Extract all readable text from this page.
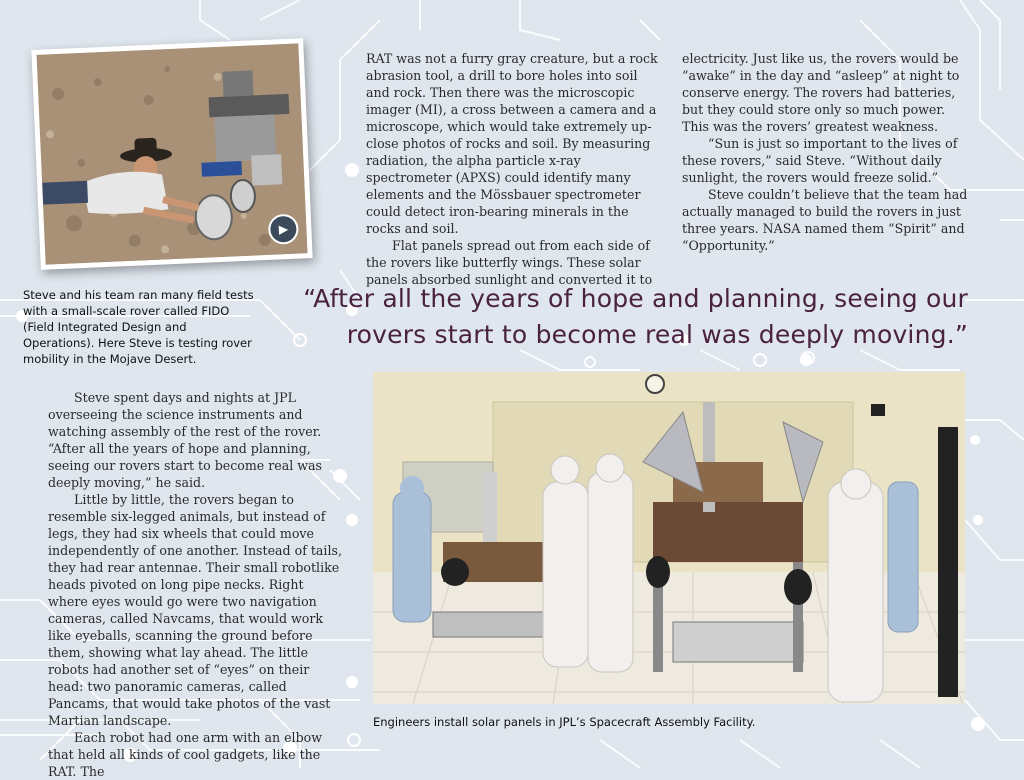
▶
Steve and his team ran many field tests with a small-scale rover called FIDO (Field Integrated Design and Operations). Here Steve is testing rover mobility in the Mojave Desert.

RAT was not a furry gray creature, but a rock abrasion tool, a drill to bore holes into soil and rock. Then there was the microscopic imager (MI), a cross between a camera and a microscope, which would take extremely up-close photos of rocks and soil. By measuring radiation, the alpha particle x-ray spectrometer (APXS) could identify many elements and the Mössbauer spectrometer could detect iron-bearing minerals in the rocks and soil.

Flat panels spread out from each side of the rovers like butterfly wings. These solar panels absorbed sunlight and converted it to

electricity. Just like us, the rovers would be “awake” in the day and “asleep” at night to conserve energy. The rovers had batteries, but they could store only so much power. This was the rovers’ greatest weakness.

“Sun is just so important to the lives of these rovers,” said Steve. “Without daily sunlight, the rovers would freeze solid.”

Steve couldn’t believe that the team had actually managed to build the rovers in just three years. NASA named them “Spirit” and “Opportunity.”

“After all the years of hope and planning, seeing our
rovers start to become real was deeply moving.”

Steve spent days and nights at JPL overseeing the science instruments and watching assembly of the rest of the rover. “After all the years of hope and planning, seeing our rovers start to become real was deeply moving,” he said.

Little by little, the rovers began to resemble six-legged animals, but instead of legs, they had six wheels that could move independently of one another. Instead of tails, they had rear antennae. Their small robotlike heads pivoted on long pipe necks. Right where eyes would go were two navigation cameras, called Navcams, that would work like eyeballs, scanning the ground before them, showing what lay ahead. The little robots had another set of “eyes” on their head: two panoramic cameras, called Pancams, that would take photos of the vast Martian landscape.

Each robot had one arm with an elbow that held all kinds of cool gadgets, like the RAT. The

Engineers install solar panels in JPL’s Spacecraft Assembly Facility.
